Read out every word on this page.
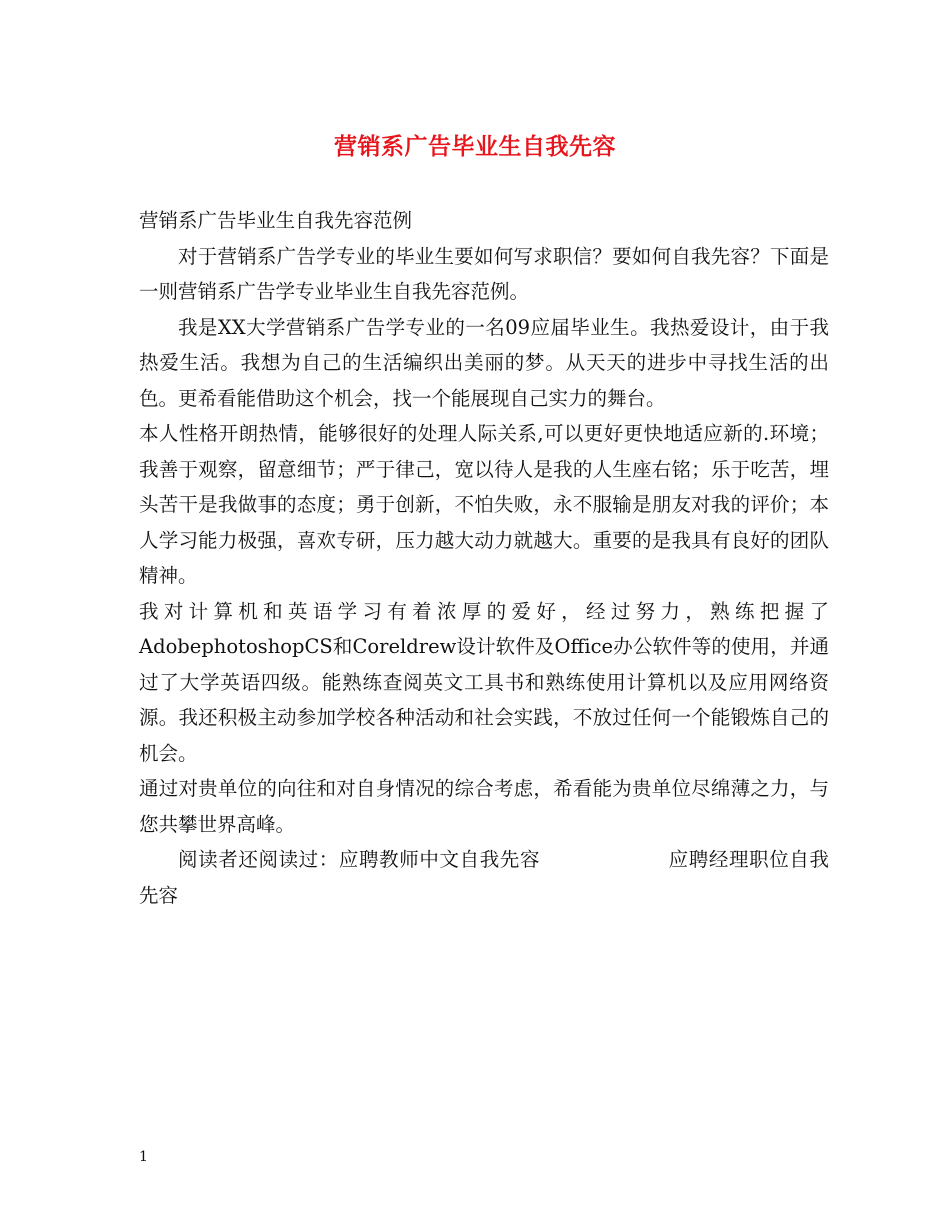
营销系广告毕业生自我先容

营销系广告毕业生自我先容范例

对于营销系广告学专业的毕业生要如何写求职信？要如何自我先容？下面是一则营销系广告学专业毕业生自我先容范例。

我是XX大学营销系广告学专业的一名09应届毕业生。我热爱设计，由于我热爱生活。我想为自己的生活编织出美丽的梦。从天天的进步中寻找生活的出色。更希看能借助这个机会，找一个能展现自己实力的舞台。

本人性格开朗热情，能够很好的处理人际关系,可以更好更快地适应新的.环境；我善于观察，留意细节；严于律己，宽以待人是我的人生座右铭；乐于吃苦，埋头苦干是我做事的态度；勇于创新，不怕失败，永不服输是朋友对我的评价；本人学习能力极强，喜欢专研，压力越大动力就越大。重要的是我具有良好的团队精神。

我对计算机和英语学习有着浓厚的爱好，经过努力，熟练把握了AdobephotoshopCS和Coreldrew设计软件及Office办公软件等的使用，并通过了大学英语四级。能熟练查阅英文工具书和熟练使用计算机以及应用网络资源。我还积极主动参加学校各种活动和社会实践，不放过任何一个能锻炼自己的机会。

通过对贵单位的向往和对自身情况的综合考虑，希看能为贵单位尽绵薄之力，与您共攀世界高峰。

阅读者还阅读过：应聘教师中文自我先容	应聘经理职位自我先容

1
